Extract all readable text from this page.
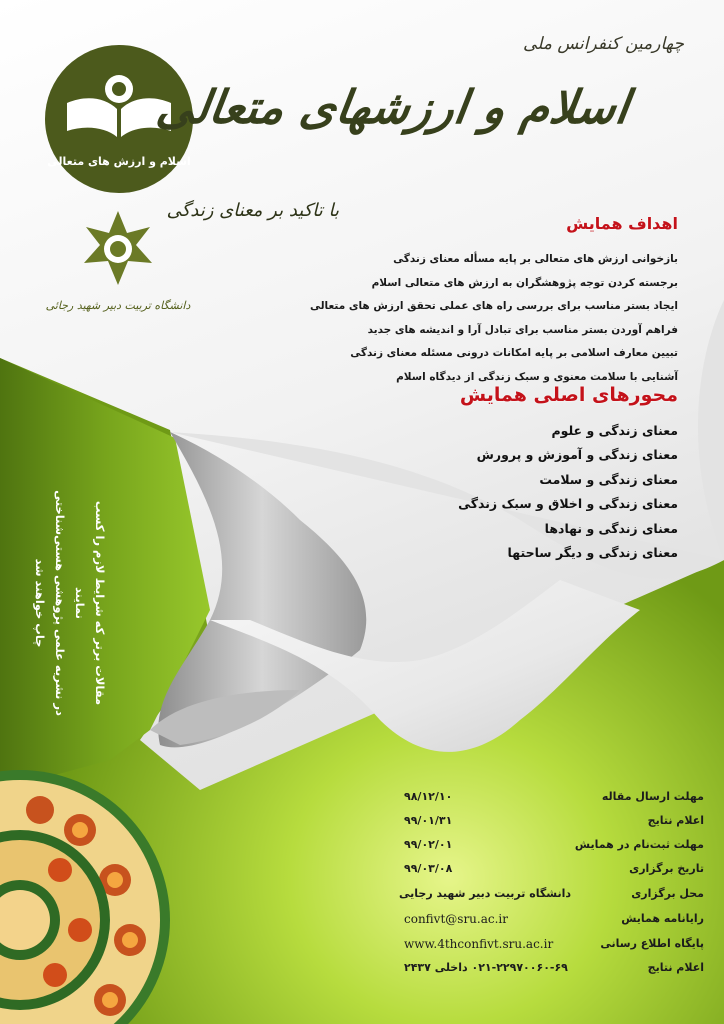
اسلام و ارزش های متعالی
دانشگاه تربیت دبیر شهید رجائی
چهارمین کنفرانس ملی
اسلام و ارزشهای متعالی
با تاکید بر معنای زندگی
اهداف همایش
بازخوانی ارزش های متعالی بر پایه مسأله معنای زندگی
برجسته کردن توجه پژوهشگران به ارزش های متعالی اسلام
ایجاد بستر مناسب برای بررسی راه های عملی تحقق ارزش های متعالی
فراهم آوردن بستر مناسب برای تبادل آرا و اندیشه های جدید
تبیین معارف اسلامی بر پایه امکانات درونی مسئله معنای زندگی
آشنایی با سلامت معنوی و سبک زندگی از دیدگاه اسلام
محورهای اصلی همایش
معنای زندگی و علوم
معنای زندگی و آموزش و پرورش
معنای زندگی و سلامت
معنای زندگی و اخلاق و سبک زندگی
معنای زندگی و نهادها
معنای زندگی و دیگر ساحتها
مقالات برتر که شرایط لازم را کسب نمایند
در نشریه علمی پژوهشی هستی‌شناختی چاپ خواهند شد
مهلت ارسال مقاله
۹۸/۱۲/۱۰
اعلام نتایج
۹۹/۰۱/۳۱
مهلت ثبت‌نام در همایش
۹۹/۰۲/۰۱
تاریخ برگزاری
۹۹/۰۳/۰۸
محل برگزاری
دانشگاه تربیت دبیر شهید رجایی
رایانامه همایش
confivt@sru.ac.ir
پایگاه اطلاع رسانی
www.4thconfivt.sru.ac.ir
اعلام نتایج
۰۲۱-۲۲۹۷۰۰۶۰-۶۹ داخلی ۲۴۳۷
